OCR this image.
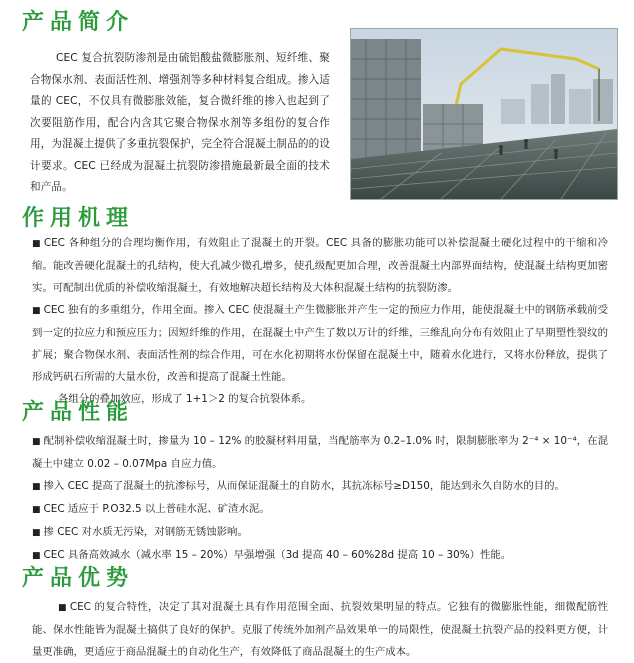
产品简介

CEC 复合抗裂防渗剂是由硫铝酸盐微膨胀剂、短纤维、聚合物保水剂、表面活性剂、增强剂等多种材料复合组成。掺入适量的 CEC，不仅具有微膨胀效能，复合微纤维的掺入也起到了次要阻筋作用，配合内含其它聚合物保水剂等多组份的复合作用，为混凝土提供了多重抗裂保护，完全符合混凝土制品的的设计要求。CEC 已经成为混凝土抗裂防渗措施最新最全面的技术和产品。

作用机理

■ CEC 各种组分的合理均衡作用，有效阻止了混凝土的开裂。CEC 具备的膨胀功能可以补偿混凝土硬化过程中的干缩和冷缩。能改善硬化混凝土的孔结构，使大孔减少微孔增多，使孔级配更加合理，改善混凝土内部界面结构，使混凝土结构更加密实。可配制出优质的补偿收缩混凝土，有效地解决超长结构及大体积混凝土结构的抗裂防渗。

■ CEC 独有的多重组分，作用全面。掺入 CEC 使混凝土产生微膨胀并产生一定的预应力作用，能使混凝土中的钢筋承载前受到一定的拉应力和预应压力；因短纤维的作用，在混凝土中产生了数以万计的纤维，三维乱向分布有效阻止了早期塑性裂纹的扩展；聚合物保水剂、表面活性剂的综合作用，可在水化初期将水份保留在混凝土中，随着水化进行，又将水份释放，提供了形成钙矾石所需的大量水份，改善和提高了混凝土性能。

各组分的叠加效应，形成了 1+1＞2 的复合抗裂体系。

产品性能

■ 配制补偿收缩混凝土时，掺量为 10 – 12% 的胶凝材料用量，当配筋率为 0.2–1.0% 时，限制膨胀率为 2⁻⁴ × 10⁻⁴，在混凝土中建立 0.02 – 0.07Mpa 自应力值。

■ 掺入 CEC 提高了混凝土的抗渗标号，从而保证混凝土的自防水，其抗冻标号≥D150，能达到永久自防水的目的。

■ CEC 适应于 P.O32.5 以上普硅水泥、矿渣水泥。

■ 掺 CEC 对水质无污染，对钢筋无锈蚀影响。

■ CEC 具备高效减水（减水率 15 – 20%）早强增强（3d 提高 40 – 60%28d 提高 10 – 30%）性能。

产品优势

■ CEC 的复合特性，决定了其对混凝土具有作用范围全面、抗裂效果明显的特点。它独有的微膨胀性能，细微配筋性能、保水性能皆为混凝土搞供了良好的保护。克服了传统外加剂产品效果单一的局限性，使混凝土抗裂产品的投料更方便，计量更准确，更适应于商品混凝土的自动化生产，有效降低了商品混凝土的生产成本。
